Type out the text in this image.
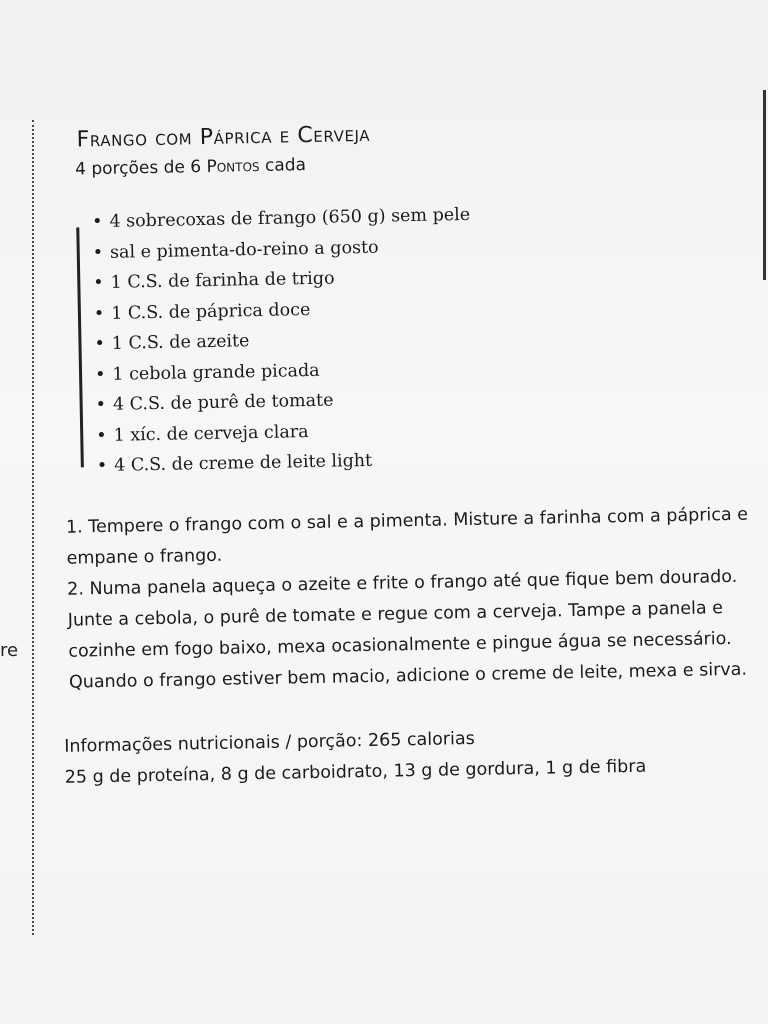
re
Frango com Páprica e Cerveja
4 porções de 6 Pontos cada
• 4 sobrecoxas de frango (650 g) sem pele
• sal e pimenta-do-reino a gosto
• 1 C.S. de farinha de trigo
• 1 C.S. de páprica doce
• 1 C.S. de azeite
• 1 cebola grande picada
• 4 C.S. de purê de tomate
• 1 xíc. de cerveja clara
• 4 C.S. de creme de leite light

1. Tempere o frango com o sal e a pimenta. Misture a farinha com a páprica e empane o frango.

2. Numa panela aqueça o azeite e frite o frango até que fique bem dourado. Junte a cebola, o purê de tomate e regue com a cerveja. Tampe a panela e cozinhe em fogo baixo, mexa ocasionalmente e pingue água se necessário. Quando o frango estiver bem macio, adicione o creme de leite, mexa e sirva.

Informações nutricionais / porção: 265 calorias

25 g de proteína, 8 g de carboidrato, 13 g de gordura, 1 g de fibra
